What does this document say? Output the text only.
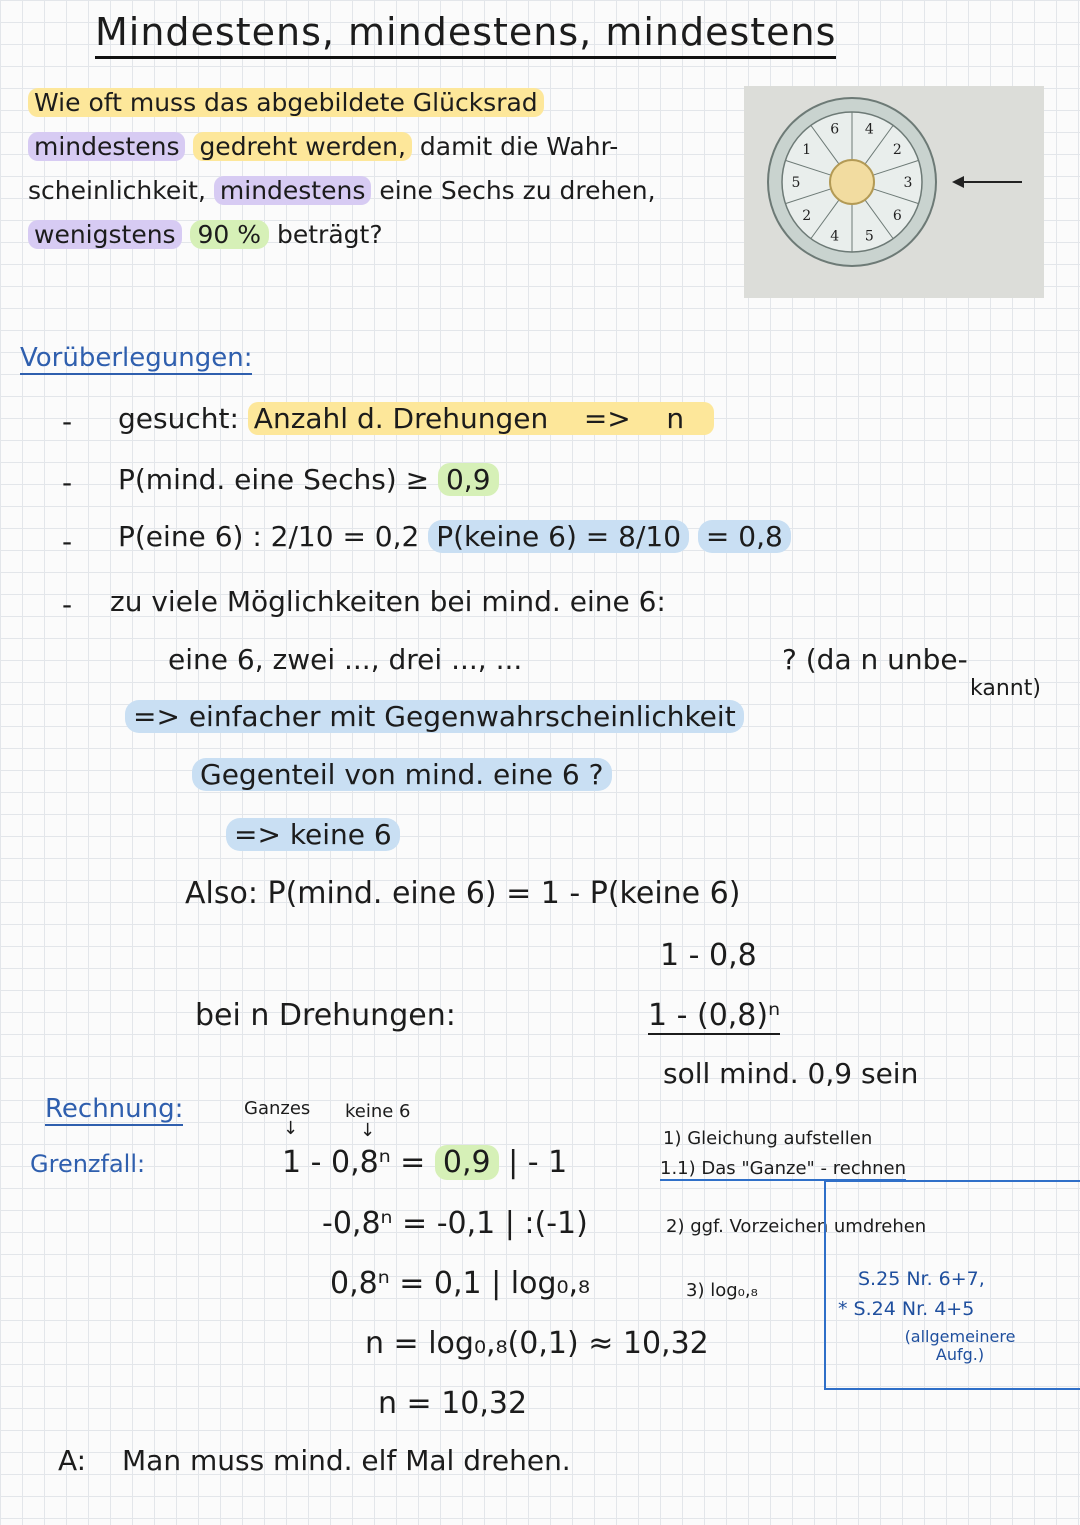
Mindestens, mindestens, mindestens
Wie oft muss das abgebildete Glücksrad
mindestens gedreht werden, damit die Wahr-
scheinlichkeit, mindestens eine Sechs zu drehen,
wenigstens 90 % beträgt?
4
2
3
6
5
4
2
5
1
6
Vorüberlegungen:
- gesucht: Anzahl d. Drehungen => n
- P(mind. eine Sechs) ≥ 0,9
- P(eine 6) : 2/10 = 0,2 P(keine 6) = 8/10 = 0,8
- zu viele Möglichkeiten bei mind. eine 6:
eine 6, zwei ..., drei ..., ...	? (da n unbe-
kannt)
=> einfacher mit Gegenwahrscheinlichkeit
Gegenteil von mind. eine 6 ?
=> keine 6
Also: P(mind. eine 6) = 1 - P(keine 6)
1 - 0,8
bei n Drehungen:	1 - (0,8)ⁿ
soll mind. 0,9 sein
Rechnung:
Grenzfall:
Ganzes keine 6
↓	↓
1 - 0,8ⁿ = 0,9 | - 1
-0,8ⁿ = -0,1 | :(-1)
0,8ⁿ = 0,1 | log₀,₈
n = log₀,₈(0,1) ≈ 10,32
n = 10,32
1) Gleichung aufstellen
1.1) Das "Ganze" - rechnen
2) ggf. Vorzeichen umdrehen
3) log₀,₈
S.25 Nr. 6+7,
* S.24 Nr. 4+5
(allgemeinere Aufg.)
A: Man muss mind. elf Mal drehen.
